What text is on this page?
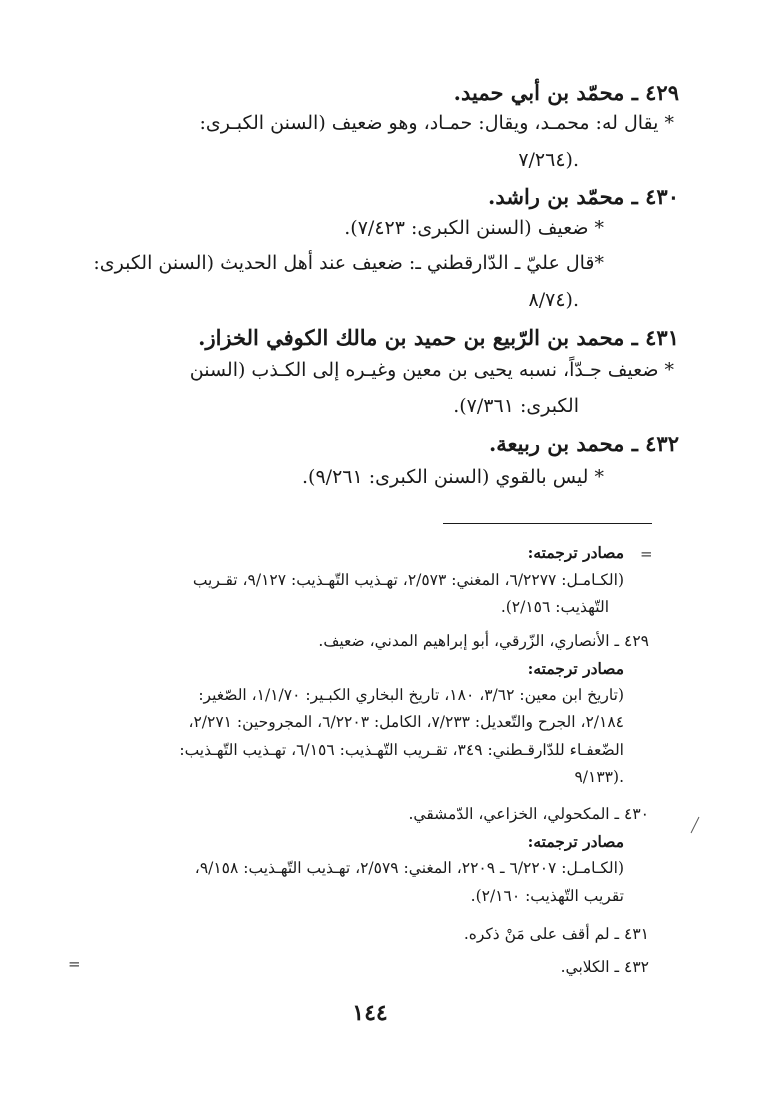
٤٢٩ ـ محمّد بن أبي حميد.
* يقال له: محمـد، ويقال: حمـاد، وهو ضعيف (السنن الكبـرى:
٧/٢٦٤).
٤٣٠ ـ محمّد بن راشد.
* ضعيف (السنن الكبرى: ٧/٤٢٣).
*قال عليّ ـ الدّارقطني ـ: ضعيف عند أهل الحديث (السنن الكبرى:
٨/٧٤).
٤٣١ ـ محمد بن الرّبيع بن حميد بن مالك الكوفي الخزاز.
* ضعيف جـدّاً، نسبه يحيى بن معين وغيـره إلى الكـذب (السنن
الكبرى: ٧/٣٦١).
٤٣٢ ـ محمد بن ربيعة.
* ليس بالقوي (السنن الكبرى: ٩/٢٦١).
=
مصادر ترجمته:
(الكـامـل: ٦/٢٢٧٧، المغني: ٢/٥٧٣، تهـذيب التّهـذيب: ٩/١٢٧، تقـريب
التّهذيب: ٢/١٥٦).
٤٢٩ ـ الأنصاري، الزّرقي، أبو إبراهيم المدني، ضعيف.
مصادر ترجمته:
(تاريخ ابن معين: ٣/٦٢، ١٨٠، تاريخ البخاري الكبـير: ١/١/٧٠، الصّغير:
٢/١٨٤، الجرح والتّعديل: ٧/٢٣٣، الكامل: ٦/٢٢٠٣، المجروحين: ٢/٢٧١،
الضّعفـاء للدّارقـطني: ٣٤٩، تقـريب التّهـذيب: ٦/١٥٦، تهـذيب التّهـذيب:
٩/١٣٣).
٤٣٠ ـ المكحولي، الخزاعي، الدّمشقي.
مصادر ترجمته:
(الكـامـل: ٦/٢٢٠٧ ـ ٢٢٠٩، المغني: ٢/٥٧٩، تهـذيب التّهـذيب: ٩/١٥٨،
تقريب التّهذيب: ٢/١٦٠).
٤٣١ ـ لم أقف على مَنْ ذكره.
٤٣٢ ـ الكلابي.
=
١٤٤
